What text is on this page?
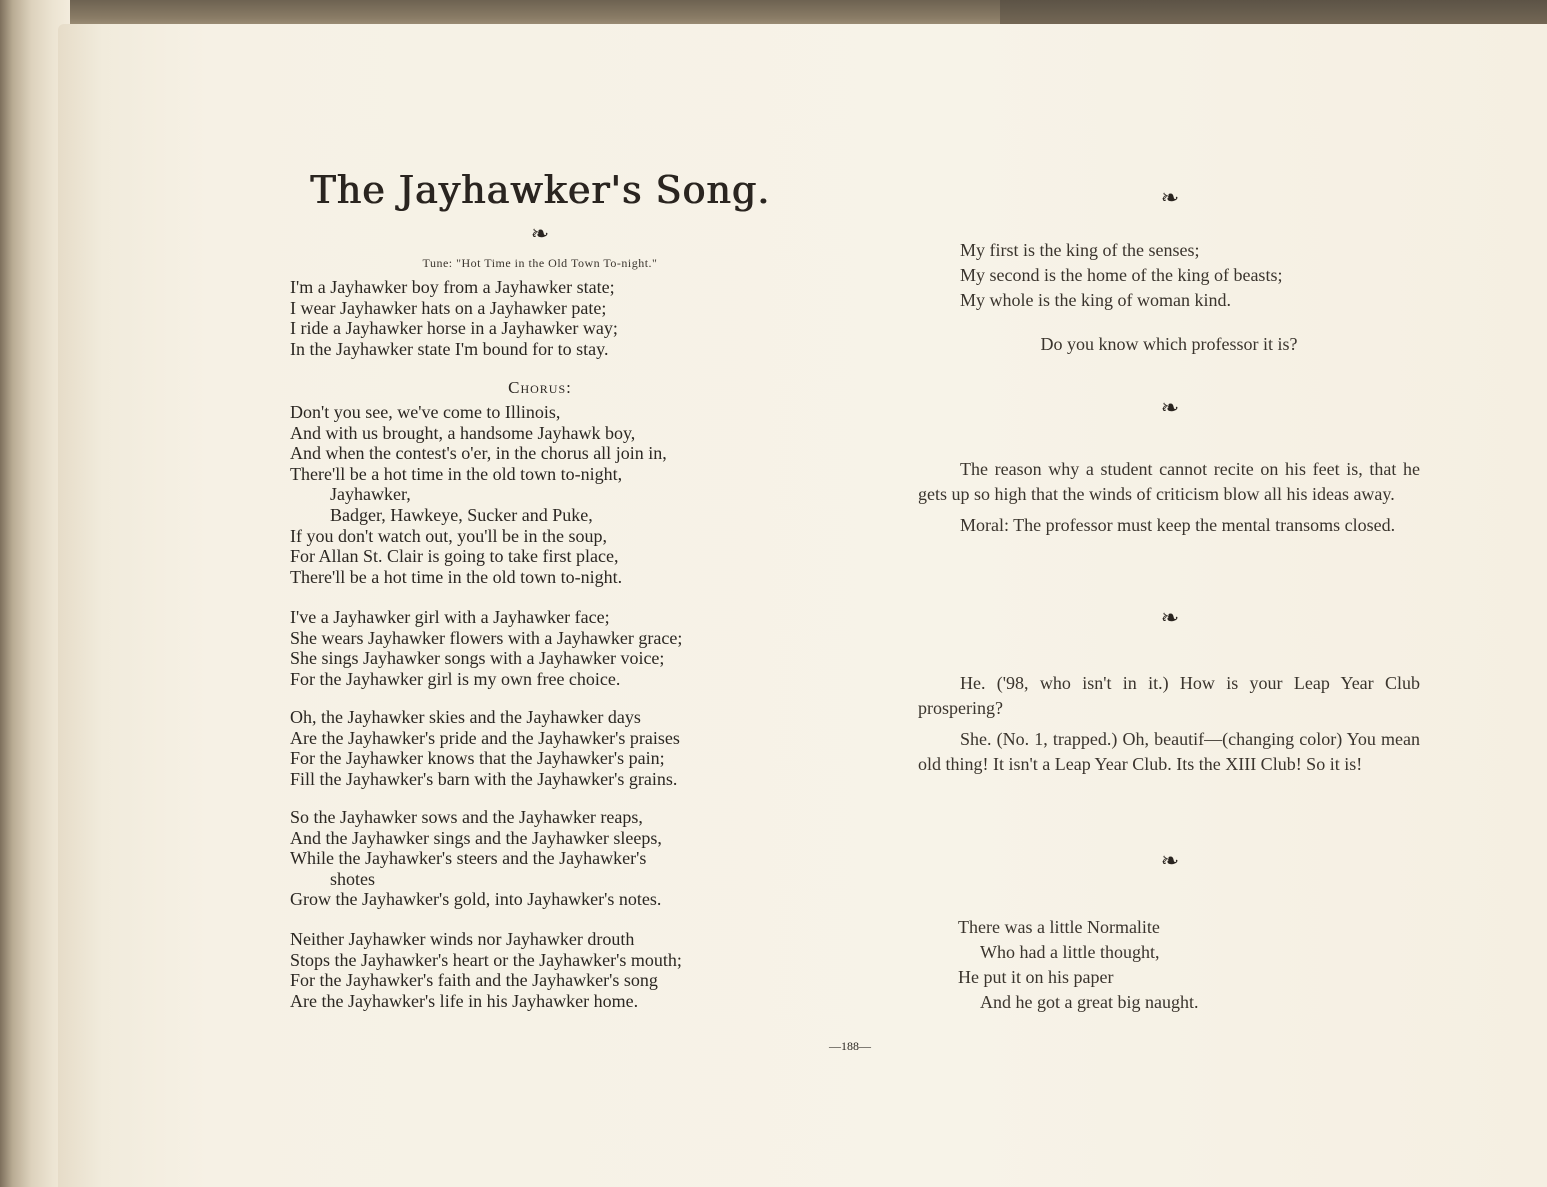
The Jayhawker's Song.
❧
Tune: "Hot Time in the Old Town To-night."
I'm a Jayhawker boy from a Jayhawker state;
I wear Jayhawker hats on a Jayhawker pate;
I ride a Jayhawker horse in a Jayhawker way;
In the Jayhawker state I'm bound for to stay.
Chorus:
Don't you see, we've come to Illinois,
And with us brought, a handsome Jayhawk boy,
And when the contest's o'er, in the chorus all join in,
There'll be a hot time in the old town to-night,
Jayhawker,
Badger, Hawkeye, Sucker and Puke,
If you don't watch out, you'll be in the soup,
For Allan St. Clair is going to take first place,
There'll be a hot time in the old town to-night.
I've a Jayhawker girl with a Jayhawker face;
She wears Jayhawker flowers with a Jayhawker grace;
She sings Jayhawker songs with a Jayhawker voice;
For the Jayhawker girl is my own free choice.
Oh, the Jayhawker skies and the Jayhawker days
Are the Jayhawker's pride and the Jayhawker's praises
For the Jayhawker knows that the Jayhawker's pain;
Fill the Jayhawker's barn with the Jayhawker's grains.
So the Jayhawker sows and the Jayhawker reaps,
And the Jayhawker sings and the Jayhawker sleeps,
While the Jayhawker's steers and the Jayhawker's
shotes
Grow the Jayhawker's gold, into Jayhawker's notes.
Neither Jayhawker winds nor Jayhawker drouth
Stops the Jayhawker's heart or the Jayhawker's mouth;
For the Jayhawker's faith and the Jayhawker's song
Are the Jayhawker's life in his Jayhawker home.
❧
My first is the king of the senses;
My second is the home of the king of beasts;
My whole is the king of woman kind.
Do you know which professor it is?
❧

The reason why a student cannot recite on his feet is, that he gets up so high that the winds of criticism blow all his ideas away.

Moral: The professor must keep the mental transoms closed.

❧

He. ('98, who isn't in it.) How is your Leap Year Club prospering?

She. (No. 1, trapped.) Oh, beautif—(changing color) You mean old thing! It isn't a Leap Year Club. Its the XIII Club! So it is!

❧
There was a little Normalite
Who had a little thought,
He put it on his paper
And he got a great big naught.
—188—
